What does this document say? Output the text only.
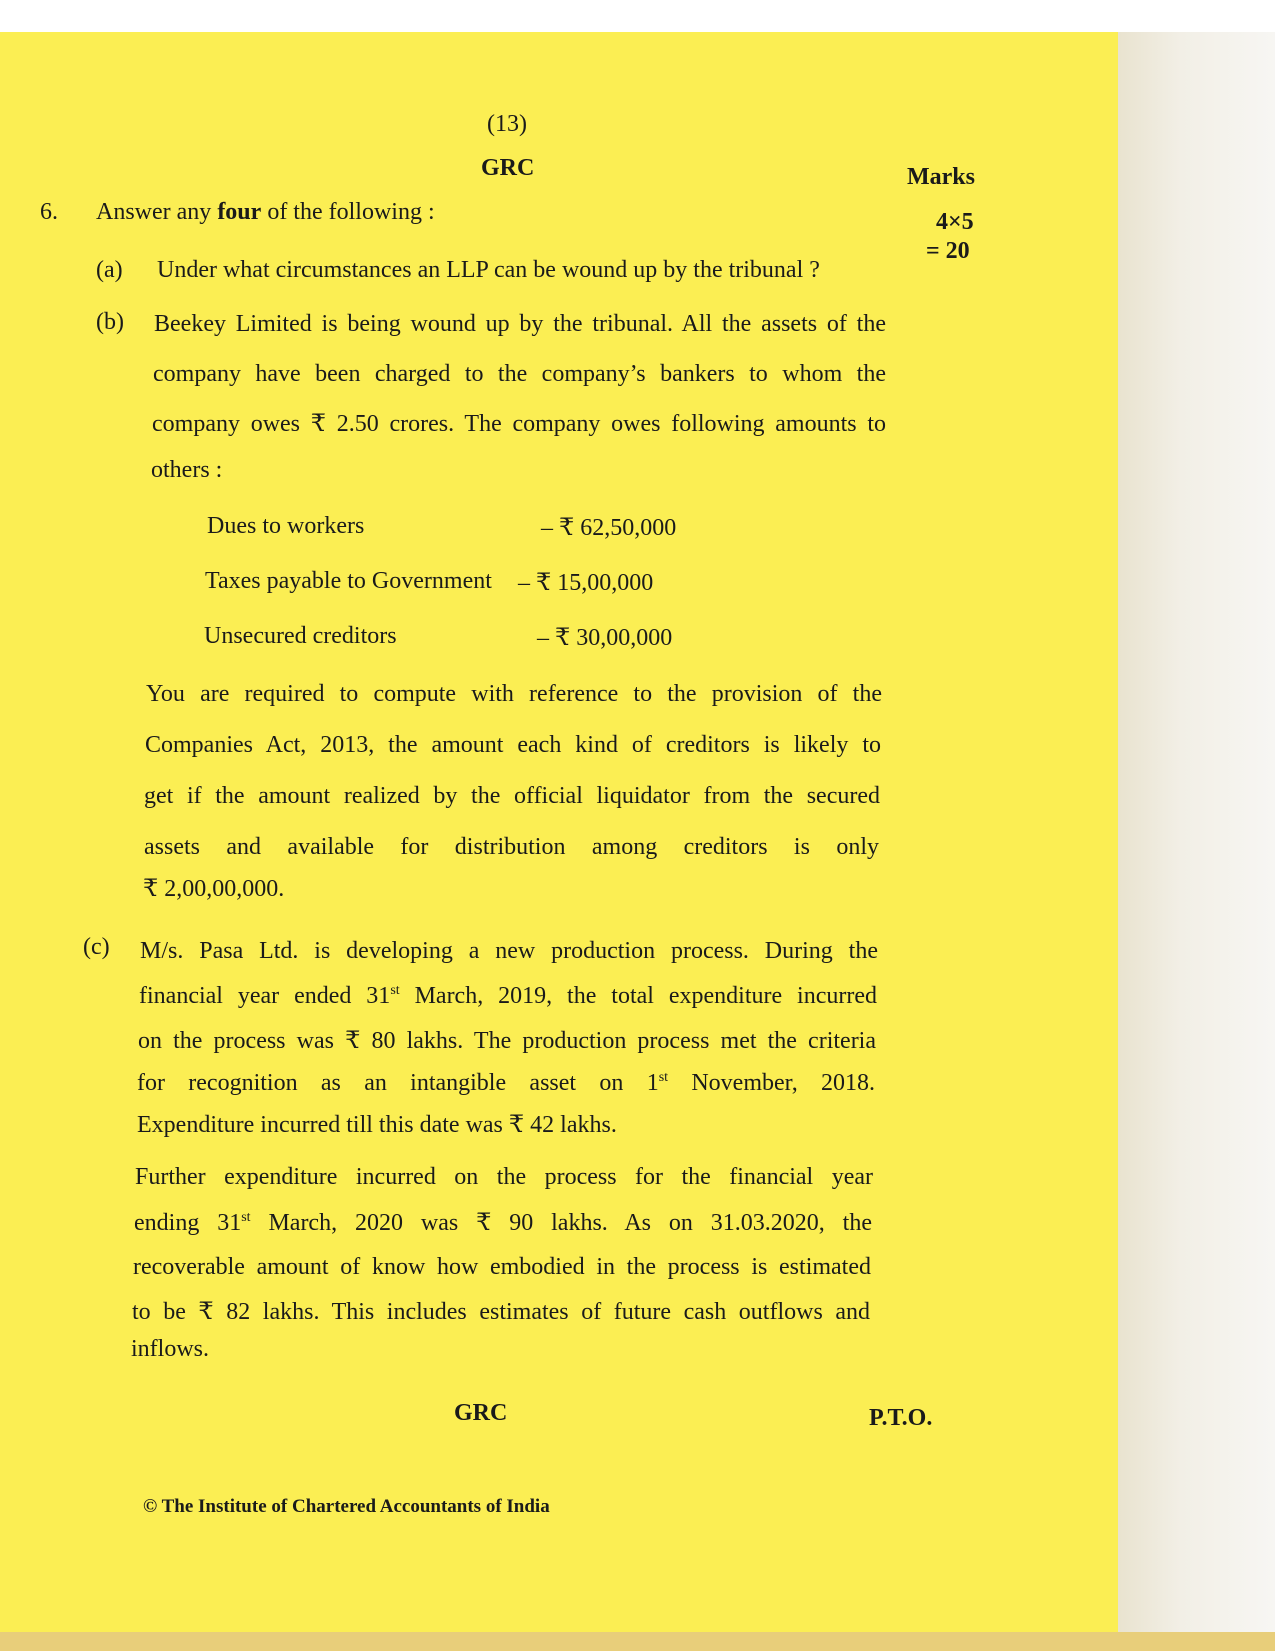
(13)
GRC	Marks
6. Answer any four of the following :	4×5
= 20
(a) Under what circumstances an LLP can be wound up by the tribunal ?
(b) Beekey Limited is being wound up by the tribunal. All the assets of the
company have been charged to the company’s bankers to whom the
company owes ₹ 2.50 crores. The company owes following amounts to
others :
Dues to workers	– ₹ 62,50,000
Taxes payable to Government – ₹ 15,00,000
Unsecured creditors	– ₹ 30,00,000
You are required to compute with reference to the provision of the
Companies Act, 2013, the amount each kind of creditors is likely to
get if the amount realized by the official liquidator from the secured
assets and available for distribution among creditors is only
₹ 2,00,00,000.
(c) M/s. Pasa Ltd. is developing a new production process. During the
financial year ended 31st March, 2019, the total expenditure incurred
on the process was ₹ 80 lakhs. The production process met the criteria
for recognition as an intangible asset on 1st November, 2018.
Expenditure incurred till this date was ₹ 42 lakhs.
Further expenditure incurred on the process for the financial year
ending 31st March, 2020 was ₹ 90 lakhs. As on 31.03.2020, the
recoverable amount of know how embodied in the process is estimated
to be ₹ 82 lakhs. This includes estimates of future cash outflows and
inflows.
GRC	P.T.O.
© The Institute of Chartered Accountants of India
